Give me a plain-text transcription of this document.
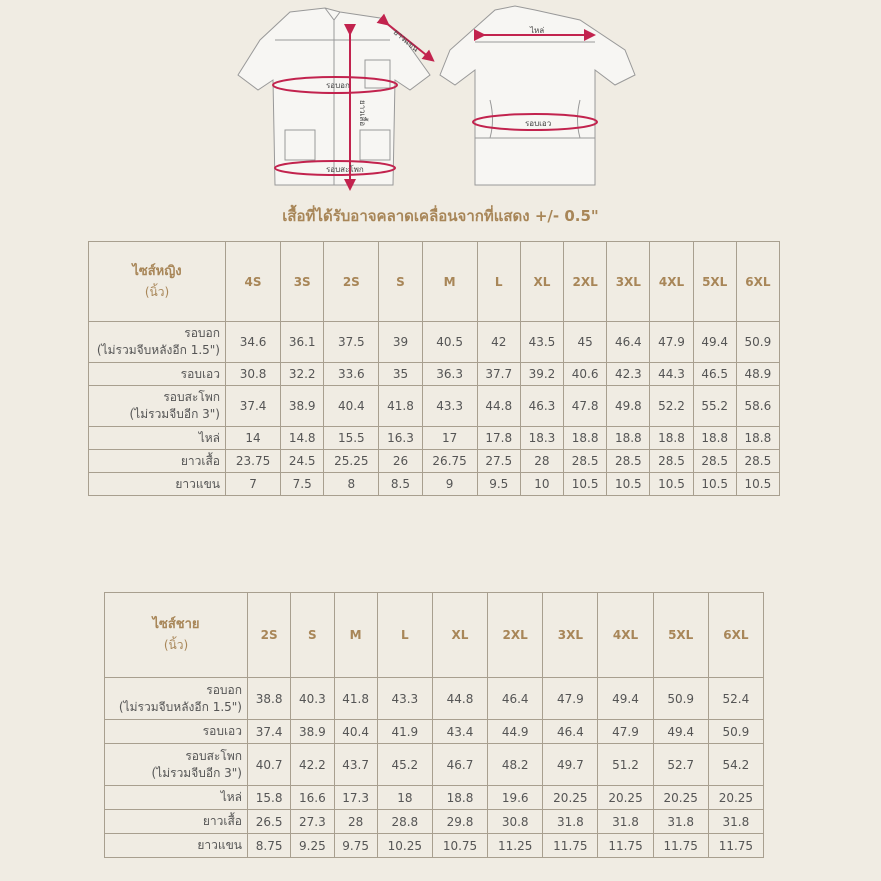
รอบอก
รอบสะโพก
ไหล่
รอบเอว
ยาวเสื้อ
ยาวแขน
เสื้อที่ได้รับอาจคลาดเคลื่อนจากที่แสดง +/- 0.5"
ไซส์หญิง
(นิ้ว)	4S	3S	2S	S	M	L	XL	2XL	3XL	4XL	5XL	6XL

รอบอก
(ไม่รวมจีบหลังอีก 1.5")	34.6	36.1	37.5	39	40.5	42	43.5	45	46.4	47.9	49.4	50.9

รอบเอว	30.8	32.2	33.6	35	36.3	37.7	39.2	40.6	42.3	44.3	46.5	48.9

รอบสะโพก
(ไม่รวมจีบอีก 3")	37.4	38.9	40.4	41.8	43.3	44.8	46.3	47.8	49.8	52.2	55.2	58.6

ไหล่	14	14.8	15.5	16.3	17	17.8	18.3	18.8	18.8	18.8	18.8	18.8

ยาวเสื้อ	23.75	24.5	25.25	26	26.75	27.5	28	28.5	28.5	28.5	28.5	28.5

ยาวแขน	7	7.5	8	8.5	9	9.5	10	10.5	10.5	10.5	10.5	10.5
ไซส์ชาย
(นิ้ว)	2S	S	M	L	XL	2XL	3XL	4XL	5XL	6XL

รอบอก
(ไม่รวมจีบหลังอีก 1.5")	38.8	40.3	41.8	43.3	44.8	46.4	47.9	49.4	50.9	52.4

รอบเอว	37.4	38.9	40.4	41.9	43.4	44.9	46.4	47.9	49.4	50.9

รอบสะโพก
(ไม่รวมจีบอีก 3")	40.7	42.2	43.7	45.2	46.7	48.2	49.7	51.2	52.7	54.2

ไหล่	15.8	16.6	17.3	18	18.8	19.6	20.25	20.25	20.25	20.25

ยาวเสื้อ	26.5	27.3	28	28.8	29.8	30.8	31.8	31.8	31.8	31.8

ยาวแขน	8.75	9.25	9.75	10.25	10.75	11.25	11.75	11.75	11.75	11.75
